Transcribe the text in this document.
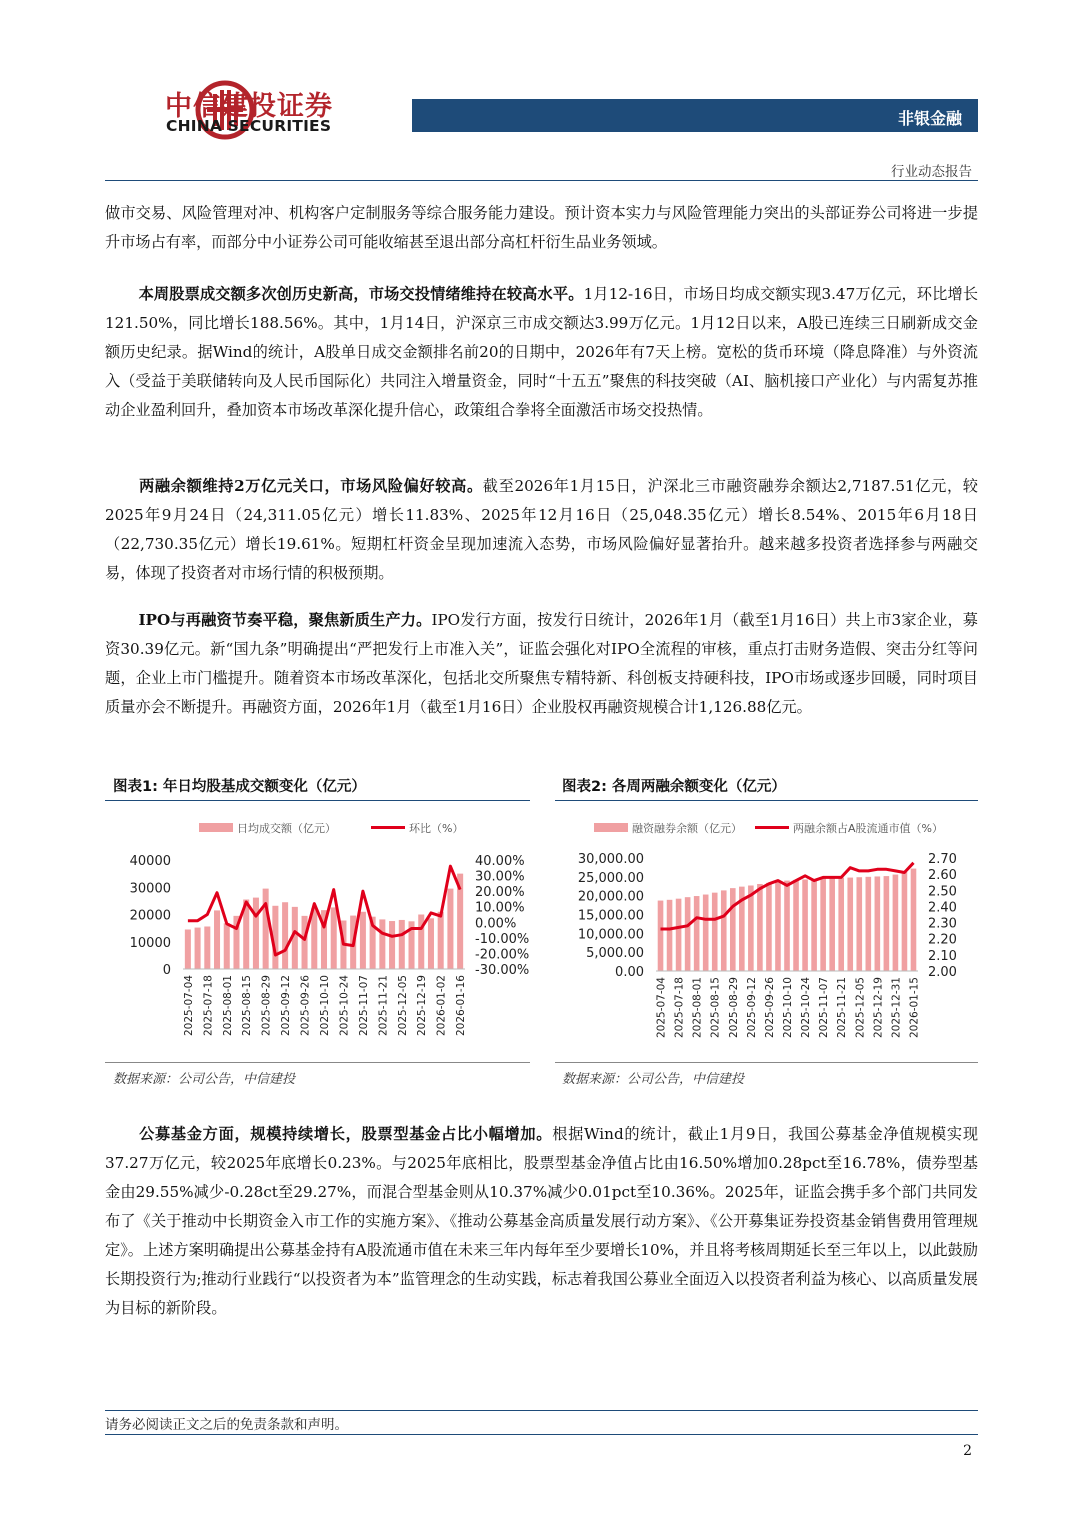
中信建投证券
CHINA SECURITIES	非银金融
行业动态报告
做市交易、风险管理对冲、机构客户定制服务等综合服务能力建设。预计资本实力与风险管理能力突出的头部证券公司将进一步提升市场占有率，而部分中小证券公司可能收缩甚至退出部分高杠杆衍生品业务领域。
本周股票成交额多次创历史新高，市场交投情绪维持在较高水平。1月12-16日，市场日均成交额实现3.47万亿元，环比增长121.50%，同比增长188.56%。其中，1月14日，沪深京三市成交额达3.99万亿元。1月12日以来，A股已连续三日刷新成交金额历史纪录。据Wind的统计，A股单日成交金额排名前20的日期中，2026年有7天上榜。宽松的货币环境（降息降准）与外资流入（受益于美联储转向及人民币国际化）共同注入增量资金，同时“十五五”聚焦的科技突破（AI、脑机接口产业化）与内需复苏推动企业盈利回升，叠加资本市场改革深化提升信心，政策组合拳将全面激活市场交投热情。
两融余额维持2万亿元关口，市场风险偏好较高。截至2026年1月15日，沪深北三市融资融券余额达2,7187.51亿元，较2025年9月24日（24,311.05亿元）增长11.83%、2025年12月16日（25,048.35亿元）增长8.54%、2015年6月18日（22,730.35亿元）增长19.61%。短期杠杆资金呈现加速流入态势，市场风险偏好显著抬升。越来越多投资者选择参与两融交易，体现了投资者对市场行情的积极预期。
IPO与再融资节奏平稳，聚焦新质生产力。IPO发行方面，按发行日统计，2026年1月（截至1月16日）共上市3家企业，募资30.39亿元。新“国九条”明确提出“严把发行上市准入关”，证监会强化对IPO全流程的审核，重点打击财务造假、突击分红等问题，企业上市门槛提升。随着资本市场改革深化，包括北交所聚焦专精特新、科创板支持硬科技，IPO市场或逐步回暖，同时项目质量亦会不断提升。再融资方面，2026年1月（截至1月16日）企业股权再融资规模合计1,126.88亿元。
图表1: 年日均股基成交额变化（亿元）
日均成交额（亿元）	环比（%）
0
10000
20000
30000
40000
-30.00%
-20.00%
-10.00%
0.00%
10.00%
20.00%
30.00%
40.00%
2025-07-04 2025-07-18 2025-08-01 2025-08-15 2025-08-29 2025-09-12 2025-09-26 2025-10-10 2025-10-24 2025-11-07 2025-11-21 2025-12-05 2025-12-19 2026-01-02 2026-01-16
数据来源：公司公告，中信建投
图表2: 各周两融余额变化（亿元）
融资融券余额（亿元）	两融余额占A股流通市值（%）
0.00
5,000.00
10,000.00
15,000.00
20,000.00
25,000.00
30,000.00
2.00
2.10
2.20
2.30
2.40
2.50
2.60
2.70
2025-07-04 2025-07-18 2025-08-01 2025-08-15 2025-08-29 2025-09-12 2025-09-26 2025-10-10 2025-10-24 2025-11-07 2025-11-21 2025-12-05 2025-12-19 2025-12-31 2026-01-15
数据来源：公司公告，中信建投
公募基金方面，规模持续增长，股票型基金占比小幅增加。根据Wind的统计，截止1月9日，我国公募基金净值规模实现37.27万亿元，较2025年底增长0.23%。与2025年底相比，股票型基金净值占比由16.50%增加0.28pct至16.78%，债券型基金由29.55%减少-0.28ct至29.27%，而混合型基金则从10.37%减少0.01pct至10.36%。2025年，证监会携手多个部门共同发布了《关于推动中长期资金入市工作的实施方案》、《推动公募基金高质量发展行动方案》、《公开募集证券投资基金销售费用管理规定》。上述方案明确提出公募基金持有A股流通市值在未来三年内每年至少要增长10%，并且将考核周期延长至三年以上，以此鼓励长期投资行为;推动行业践行“以投资者为本”监管理念的生动实践，标志着我国公募业全面迈入以投资者利益为核心、以高质量发展为目标的新阶段。
请务必阅读正文之后的免责条款和声明。
2
